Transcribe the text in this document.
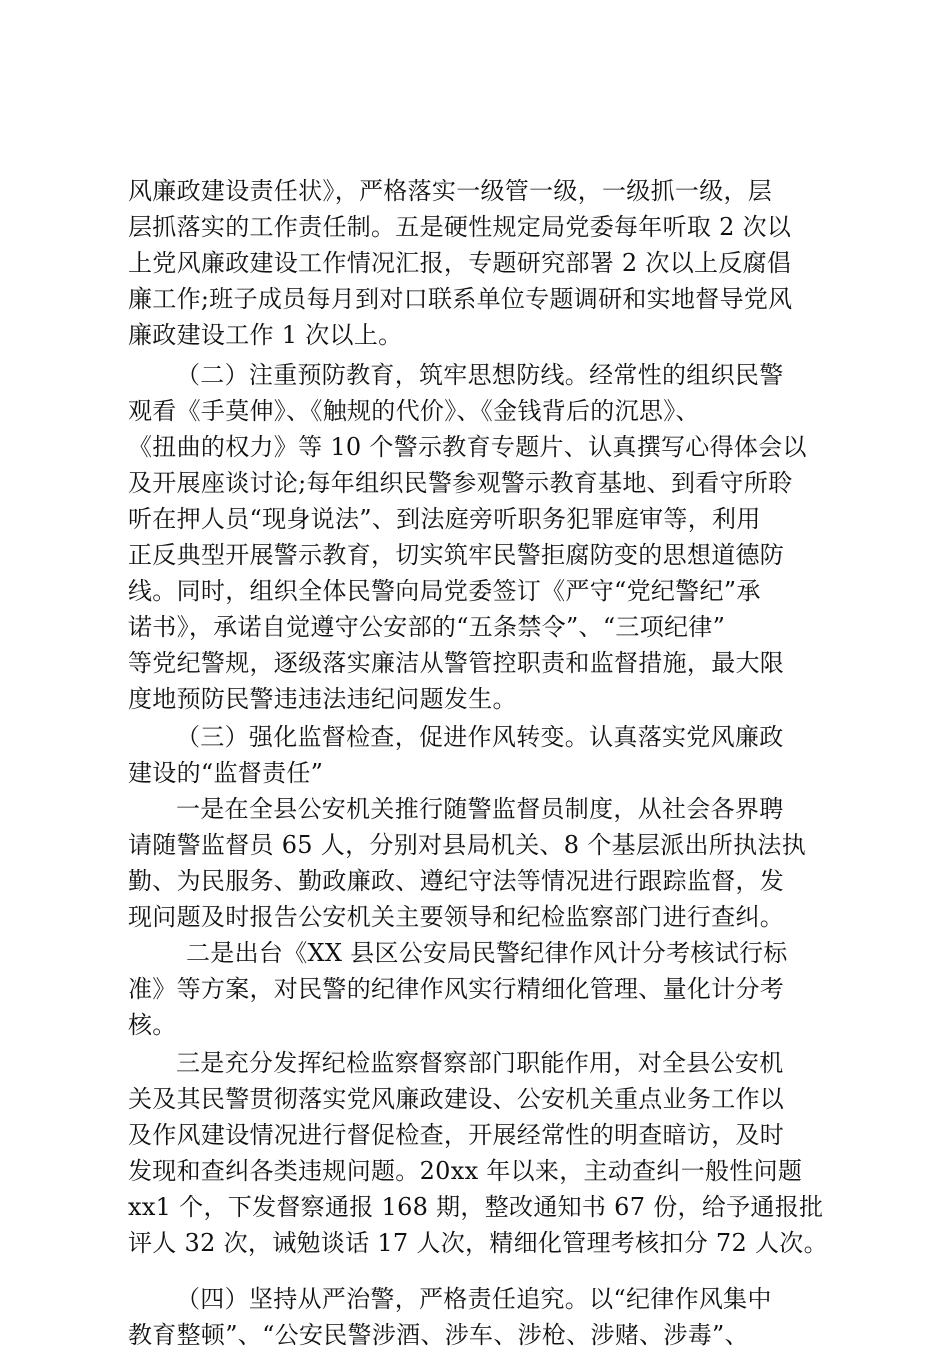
风廉政建设责任状》，严格落实一级管一级，一级抓一级，层
层抓落实的工作责任制。五是硬性规定局党委每年听取 2 次以
上党风廉政建设工作情况汇报，专题研究部署 2 次以上反腐倡
廉工作;班子成员每月到对口联系单位专题调研和实地督导党风
廉政建设工作 1 次以上。
（二）注重预防教育，筑牢思想防线。经常性的组织民警
观看《手莫伸》、《触规的代价》、《金钱背后的沉思》、
《扭曲的权力》等 10 个警示教育专题片、认真撰写心得体会以
及开展座谈讨论;每年组织民警参观警示教育基地、到看守所聆
听在押人员“现身说法”、到法庭旁听职务犯罪庭审等，利用
正反典型开展警示教育，切实筑牢民警拒腐防变的思想道德防
线。同时，组织全体民警向局党委签订《严守“党纪警纪”承
诺书》，承诺自觉遵守公安部的“五条禁令”、“三项纪律”
等党纪警规，逐级落实廉洁从警管控职责和监督措施，最大限
度地预防民警违违法违纪问题发生。
（三）强化监督检查，促进作风转变。认真落实党风廉政
建设的“监督责任”
一是在全县公安机关推行随警监督员制度，从社会各界聘
请随警监督员 65 人，分别对县局机关、8 个基层派出所执法执
勤、为民服务、勤政廉政、遵纪守法等情况进行跟踪监督，发
现问题及时报告公安机关主要领导和纪检监察部门进行查纠。
二是出台《XX 县区公安局民警纪律作风计分考核试行标
准》等方案，对民警的纪律作风实行精细化管理、量化计分考
核。
三是充分发挥纪检监察督察部门职能作用，对全县公安机
关及其民警贯彻落实党风廉政建设、公安机关重点业务工作以
及作风建设情况进行督促检查，开展经常性的明查暗访，及时
发现和查纠各类违规问题。20xx 年以来，主动查纠一般性问题
xx1 个，下发督察通报 168 期，整改通知书 67 份，给予通报批
评人 32 次，诫勉谈话 17 人次，精细化管理考核扣分 72 人次。
（四）坚持从严治警，严格责任追究。以“纪律作风集中
教育整顿”、“公安民警涉酒、涉车、涉枪、涉赌、涉毒”、
